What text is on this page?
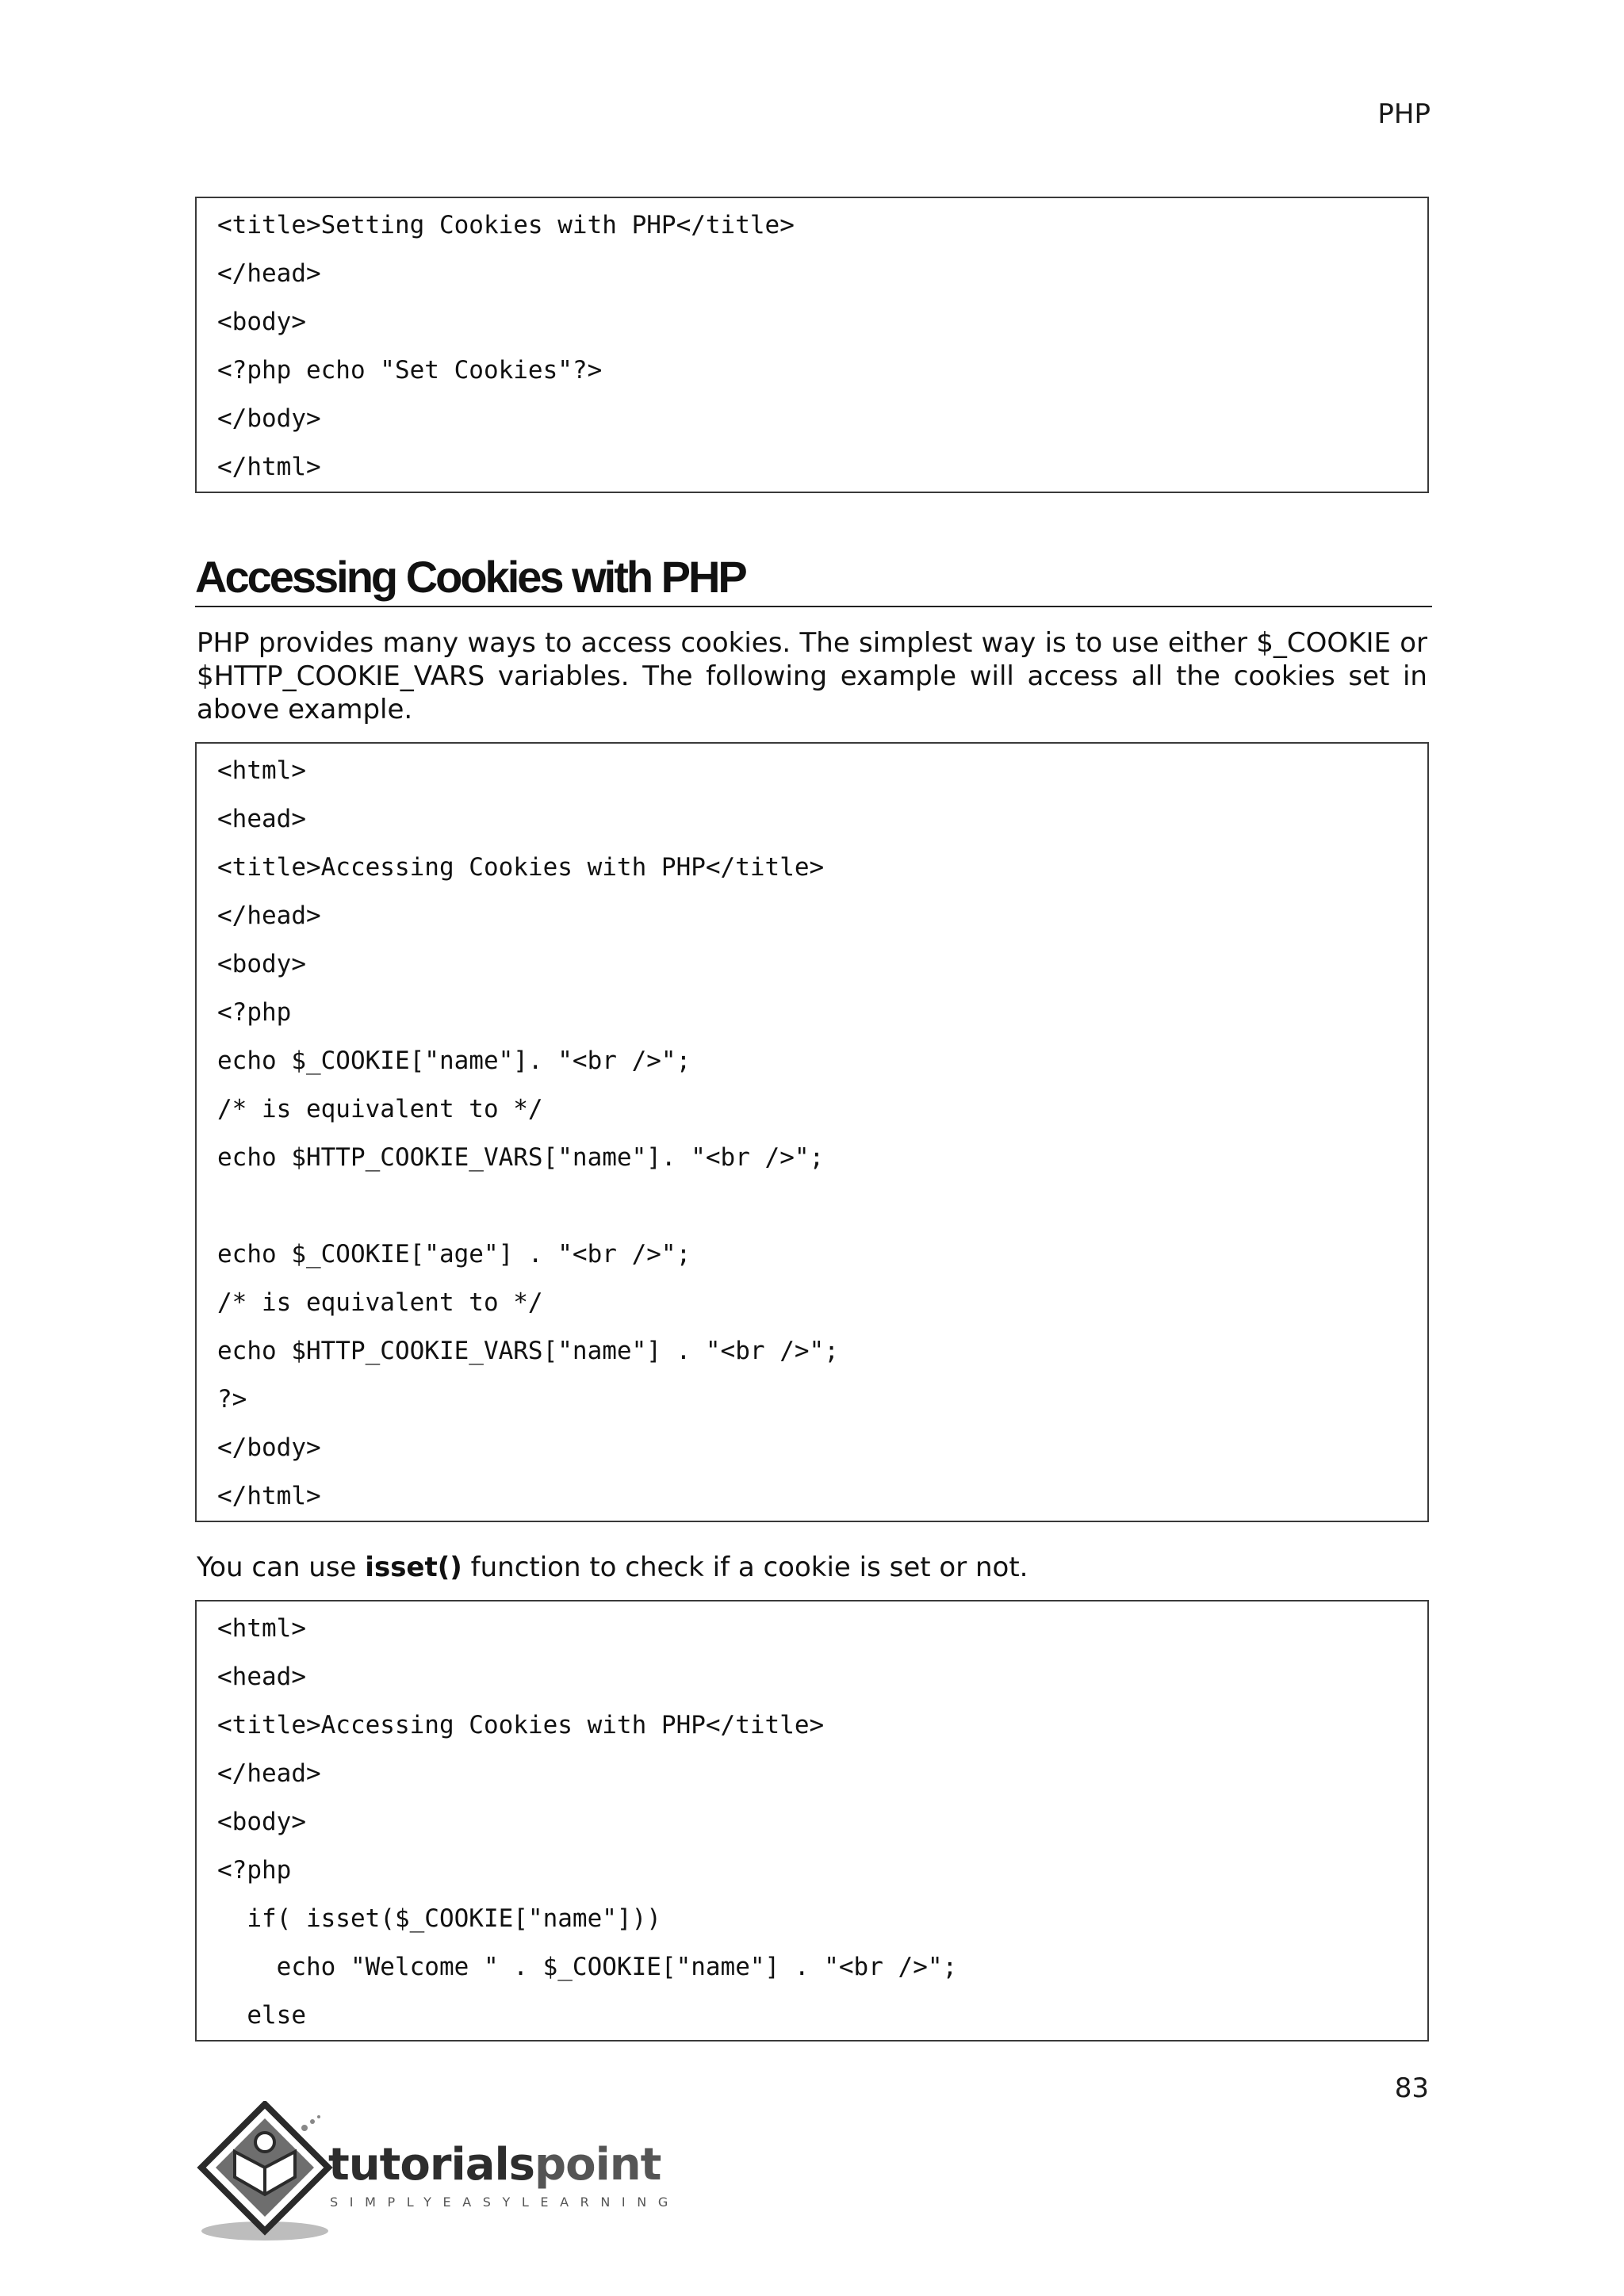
PHP
<title>Setting Cookies with PHP</title>
</head>
<body>
<?php echo "Set Cookies"?>
</body>
</html>
Accessing Cookies with PHP
PHP provides many ways to access cookies. The simplest way is to use either $_COOKIE or $HTTP_COOKIE_VARS variables. The following example will access all the cookies set in above example.
<html>
<head>
<title>Accessing Cookies with PHP</title>
</head>
<body>
<?php
echo $_COOKIE["name"]. "<br />";
/* is equivalent to */
echo $HTTP_COOKIE_VARS["name"]. "<br />";
echo $_COOKIE["age"] . "<br />";
/* is equivalent to */
echo $HTTP_COOKIE_VARS["name"] . "<br />";
?>
</body>
</html>
You can use isset() function to check if a cookie is set or not.
<html>
<head>
<title>Accessing Cookies with PHP</title>
</head>
<body>
<?php
if( isset($_COOKIE["name"]))
echo "Welcome " . $_COOKIE["name"] . "<br />";
else
83
tutorialspoint
SIMPLYEASYLEARNING
